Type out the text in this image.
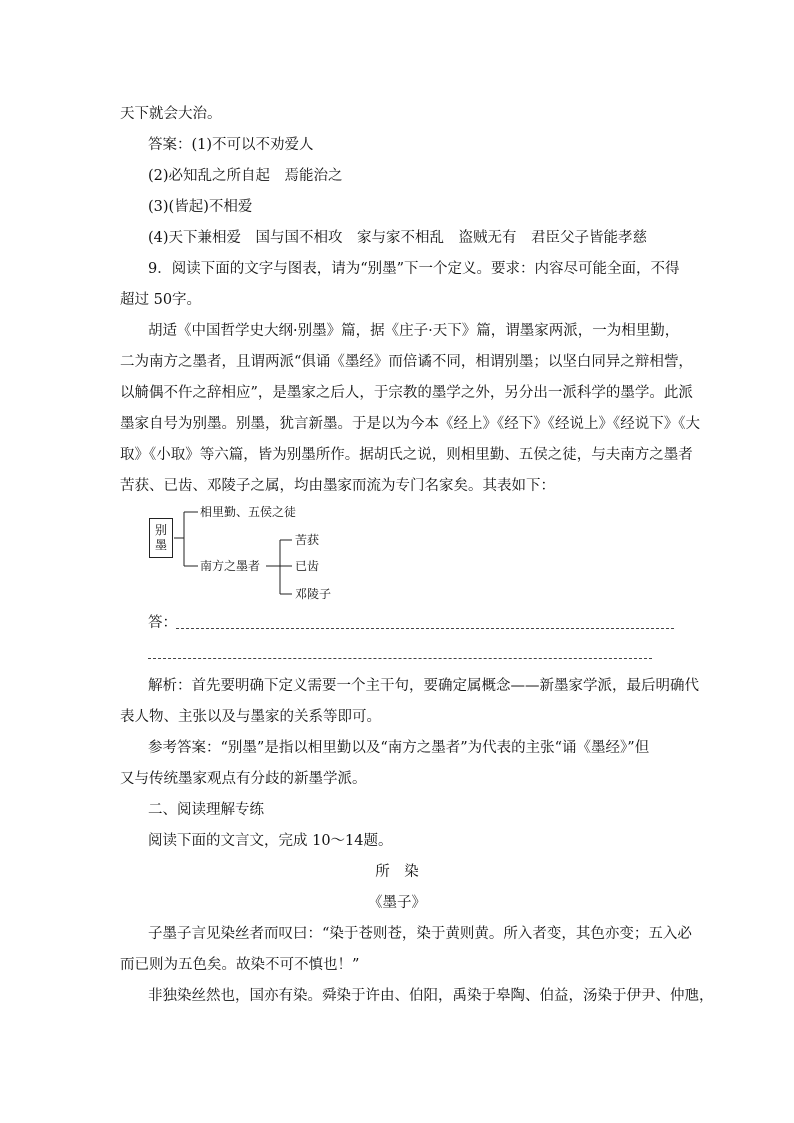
天下就会大治。
答案：(1)不可以不劝爱人
(2)必知乱之所自起　焉能治之
(3)(皆起)不相爱
(4)天下兼相爱　国与国不相攻　家与家不相乱　盗贼无有　君臣父子皆能孝慈
9．阅读下面的文字与图表，请为“别墨”下一个定义。要求：内容尽可能全面，不得
超过 50字。
胡适《中国哲学史大纲·别墨》篇，据《庄子·天下》篇，谓墨家两派，一为相里勤，
二为南方之墨者，且谓两派“俱诵《墨经》而倍谲不同，相谓别墨；以坚白同异之辩相訾，
以觭偶不仵之辞相应”，是墨家之后人，于宗教的墨学之外，另分出一派科学的墨学。此派
墨家自号为别墨。别墨，犹言新墨。于是以为今本《经上》《经下》《经说上》《经说下》《大
取》《小取》等六篇，皆为别墨所作。据胡氏之说，则相里勤、五侯之徒，与夫南方之墨者
苦获、已齿、邓陵子之属，均由墨家而流为专门名家矣。其表如下：
别墨
相里勤、五侯之徒
南方之墨者
苦获
已齿
邓陵子
答：
解析：首先要明确下定义需要一个主干句，要确定属概念——新墨家学派，最后明确代
表人物、主张以及与墨家的关系等即可。
参考答案：“别墨”是指以相里勤以及“南方之墨者”为代表的主张“诵《墨经》”但
又与传统墨家观点有分歧的新墨学派。
二、阅读理解专练
阅读下面的文言文，完成 10～14题。
所　染
《墨子》
子墨子言见染丝者而叹曰：“染于苍则苍，染于黄则黄。所入者变，其色亦变；五入必
而已则为五色矣。故染不可不慎也！”
非独染丝然也，国亦有染。舜染于许由、伯阳，禹染于皋陶、伯益，汤染于伊尹、仲虺，
